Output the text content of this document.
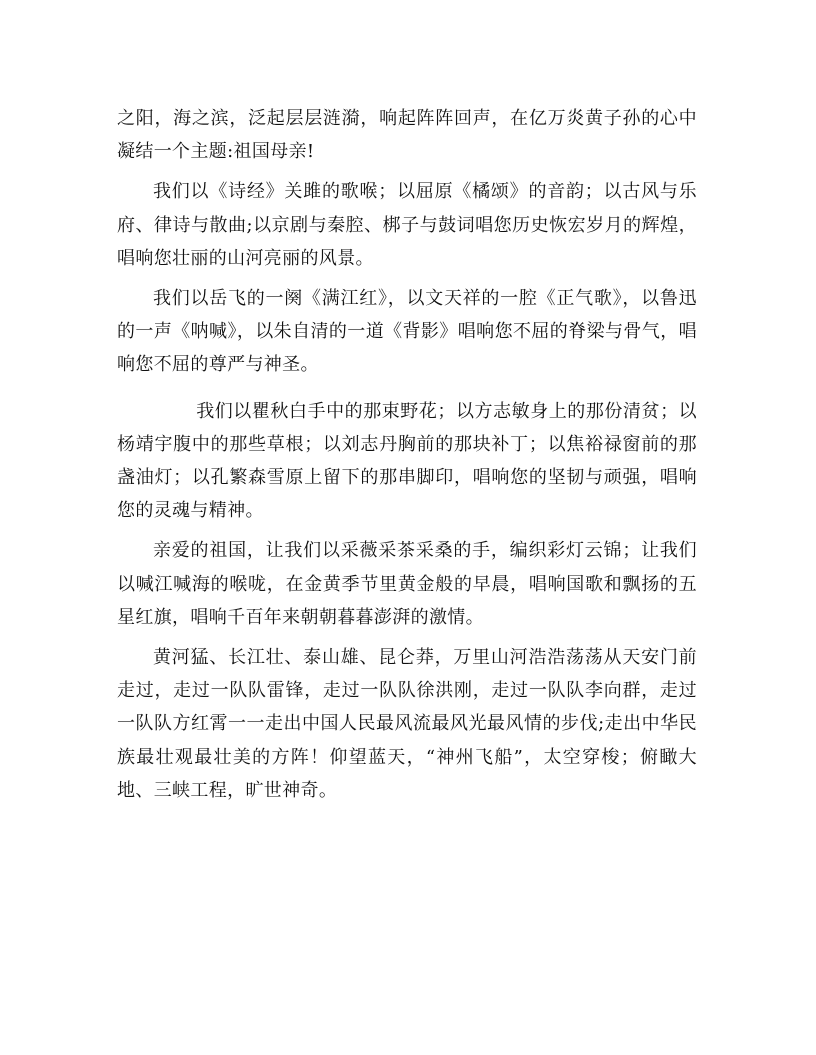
之阳，海之滨，泛起层层涟漪，响起阵阵回声，在亿万炎黄子孙的心中凝结一个主题:祖国母亲!

我们以《诗经》关雎的歌喉；以屈原《橘颂》的音韵；以古风与乐府、律诗与散曲;以京剧与秦腔、梆子与鼓词唱您历史恢宏岁月的辉煌，唱响您壮丽的山河亮丽的风景。

我们以岳飞的一阕《满江红》，以文天祥的一腔《正气歌》，以鲁迅的一声《呐喊》，以朱自清的一道《背影》唱响您不屈的脊梁与骨气，唱响您不屈的尊严与神圣。

我们以瞿秋白手中的那束野花；以方志敏身上的那份清贫；以杨靖宇腹中的那些草根；以刘志丹胸前的那块补丁；以焦裕禄窗前的那盏油灯；以孔繁森雪原上留下的那串脚印，唱响您的坚韧与顽强，唱响您的灵魂与精神。

亲爱的祖国，让我们以采薇采茶采桑的手，编织彩灯云锦；让我们以喊江喊海的喉咙，在金黄季节里黄金般的早晨，唱响国歌和飘扬的五星红旗，唱响千百年来朝朝暮暮澎湃的激情。

黄河猛、长江壮、泰山雄、昆仑莽，万里山河浩浩荡荡从天安门前走过，走过一队队雷锋，走过一队队徐洪刚，走过一队队李向群，走过一队队方红霄一一走出中国人民最风流最风光最风情的步伐;走出中华民族最壮观最壮美的方阵！仰望蓝天，“神州飞船”，太空穿梭；俯瞰大地、三峡工程，旷世神奇。
